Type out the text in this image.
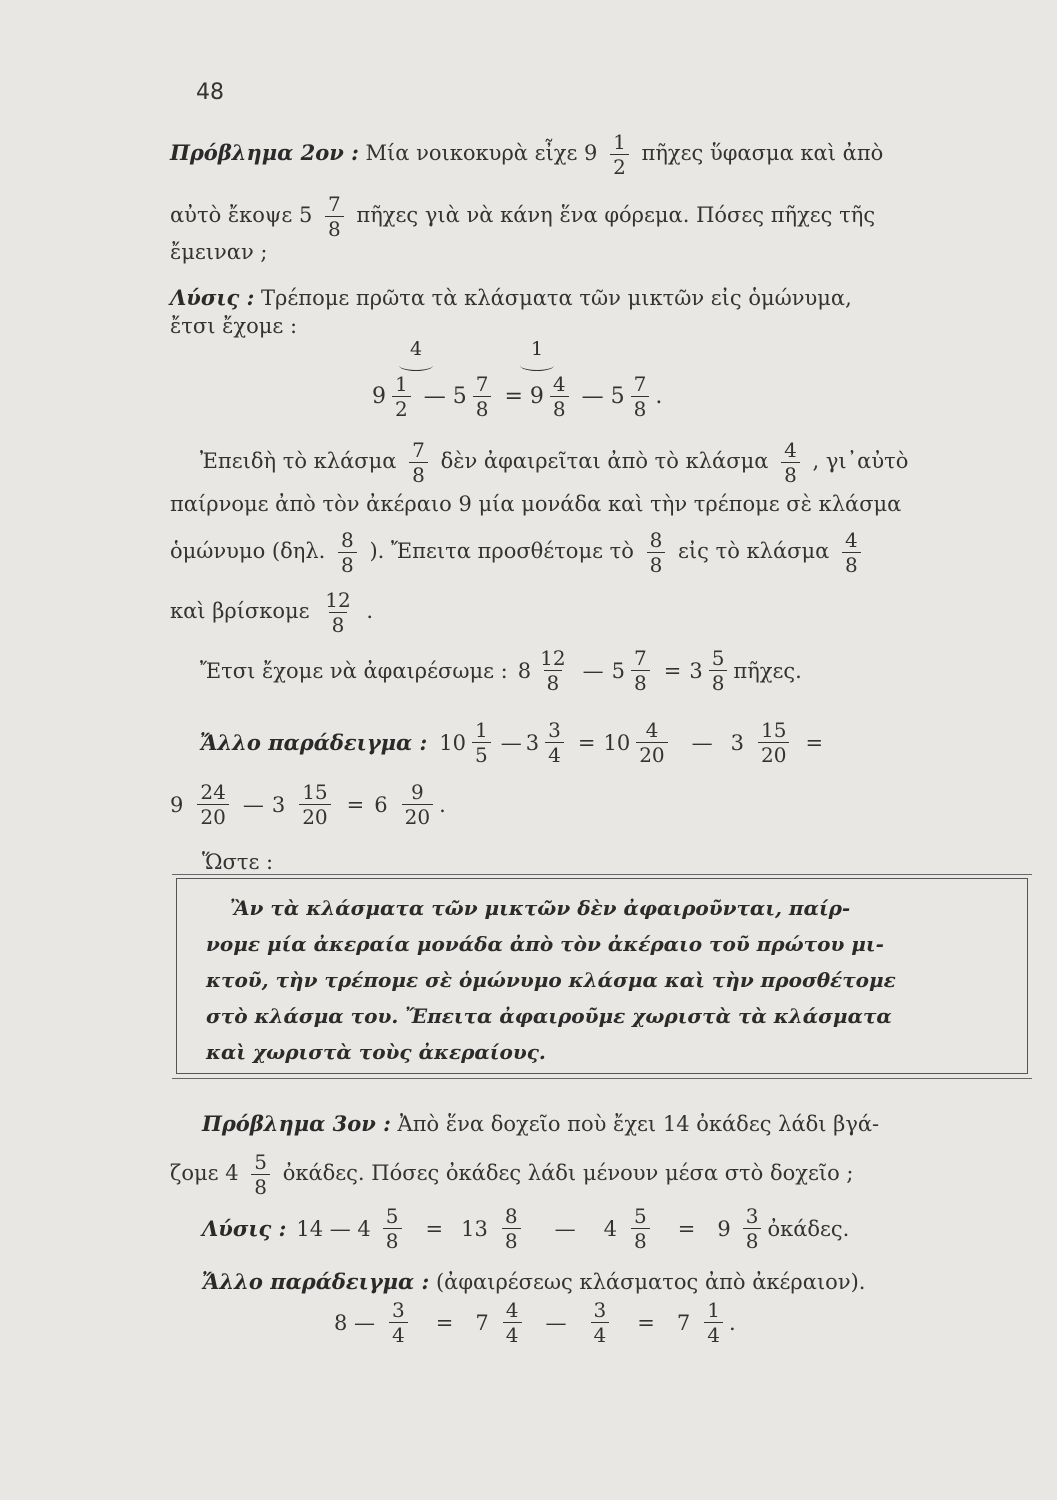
48
Πρόβλημα 2ον : Μία νοικοκυρὰ εἶχε $9 \frac{1}{2}$ πῆχες ὕφασμα καὶ ἀπὸ
αὐτὸ ἔκοψε $5 \frac{7}{8}$ πῆχες γιὰ νὰ κάνη ἕνα φόρεμα. Πόσες πῆχες τῆς
ἔμειναν ;
Λύσις : Τρέπομε πρῶτα τὰ κλάσματα τῶν μικτῶν εἰς ὁμώνυμα,
ἔτσι ἔχομε :
4	1
$9 \frac{1}{2}$ — $5 \frac{7}{8} = 9 \frac{4}{8}$ — $5 \frac{7}{8}$ .
Ἐπειδὴ τὸ κλάσμα $\frac{7}{8}$ δὲν ἀφαιρεῖται ἀπὸ τὸ κλάσμα $\frac{4}{8}$ , γι᾿αὐτὸ
παίρνομε ἀπὸ τὸν ἀκέραιο 9 μία μονάδα καὶ τὴν τρέπομε σὲ κλάσμα
ὁμώνυμο (δηλ. $\frac{8}{8}$ ). Ἔπειτα προσθέτομε τὸ $\frac{8}{8}$ εἰς τὸ κλάσμα $\frac{4}{8}$
καὶ βρίσκομε $\frac{12}{8}$ .
Ἔτσι ἔχομε νὰ ἀφαιρέσωμε : $8 \frac{12}{8}$ — $5 \frac{7}{8} = 3 \frac{5}{8}$ πῆχες.
Ἄλλο παράδειγμα : $10 \frac{1}{5}$ — $3 \frac{3}{4} = 10 \frac{4}{20}$ — $3 \frac{15}{20}$ =
$9 \frac{24}{20}$ — $3 \frac{15}{20} = 6 \frac{9}{20}$ .
Ὥστε :
Ἂν τὰ κλάσματα τῶν μικτῶν δὲν ἀφαιροῦνται, παίρ-
νομε μία ἀκεραία μονάδα ἀπὸ τὸν ἀκέραιο τοῦ πρώτου μι-
κτοῦ, τὴν τρέπομε σὲ ὁμώνυμο κλάσμα καὶ τὴν προσθέτομε
στὸ κλάσμα του. Ἔπειτα ἀφαιροῦμε χωριστὰ τὰ κλάσματα
καὶ χωριστὰ τοὺς ἀκεραίους.
Πρόβλημα 3ον : Ἀπὸ ἕνα δοχεῖο ποὺ ἔχει 14 ὀκάδες λάδι βγά-
ζομε $4 \frac{5}{8}$ ὀκάδες. Πόσες ὀκάδες λάδι μένουν μέσα στὸ δοχεῖο ;
Λύσις : 14 — $4 \frac{5}{8} = 13 \frac{8}{8}$ — $4 \frac{5}{8} = 9 \frac{3}{8}$ ὀκάδες.
Ἄλλο παράδειγμα : (ἀφαιρέσεως κλάσματος ἀπὸ ἀκέραιον).
8 — $\frac{3}{4} = 7 \frac{4}{4}$ — $\frac{3}{4} = 7 \frac{1}{4}$ .
